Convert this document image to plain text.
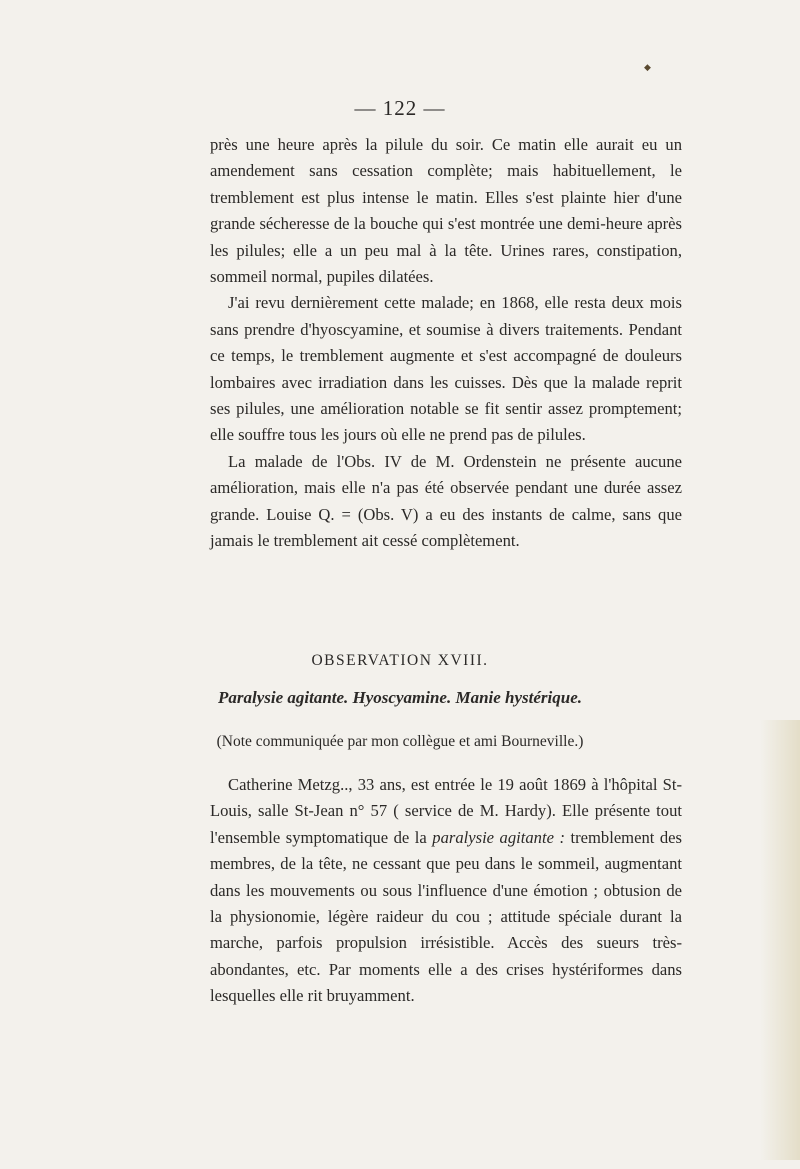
◆
— 122 —

près une heure après la pilule du soir. Ce matin elle aurait eu un amendement sans cessation complète; mais habituellement, le tremblement est plus intense le matin. Elles s'est plainte hier d'une grande sécheresse de la bouche qui s'est montrée une demi-heure après les pilules; elle a un peu mal à la tête. Urines rares, constipation, sommeil normal, pupiles dilatées.

J'ai revu dernièrement cette malade; en 1868, elle resta deux mois sans prendre d'hyoscyamine, et soumise à divers traitements. Pendant ce temps, le tremblement augmente et s'est accompagné de douleurs lombaires avec irradiation dans les cuisses. Dès que la malade reprit ses pilules, une amélioration notable se fit sentir assez promptement; elle souffre tous les jours où elle ne prend pas de pilules.

La malade de l'Obs. IV de M. Ordenstein ne présente aucune amélioration, mais elle n'a pas été observée pendant une durée assez grande. Louise Q. = (Obs. V) a eu des instants de calme, sans que jamais le tremblement ait cessé complètement.

OBSERVATION XVIII.
Paralysie agitante. Hyoscyamine. Manie hystérique.
(Note communiquée par mon collègue et ami Bourneville.)

Catherine Metzg.., 33 ans, est entrée le 19 août 1869 à l'hôpital St-Louis, salle St-Jean n° 57 ( service de M. Hardy). Elle présente tout l'ensemble symptomatique de la paralysie agitante : tremblement des membres, de la tête, ne cessant que peu dans le sommeil, augmentant dans les mouvements ou sous l'influence d'une émotion ; obtusion de la physionomie, légère raideur du cou ; attitude spéciale durant la marche, parfois propulsion irrésistible. Accès des sueurs très-abondantes, etc. Par moments elle a des crises hystériformes dans lesquelles elle rit bruyamment.
